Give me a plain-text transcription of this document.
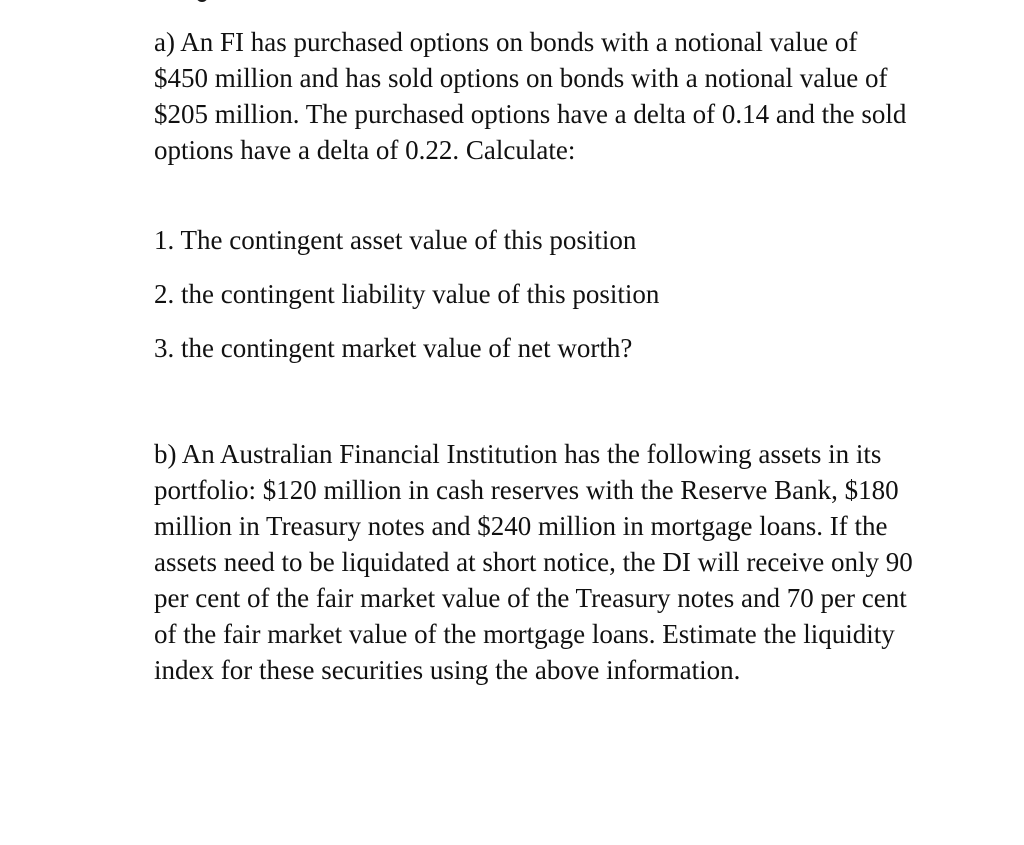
a) An FI has purchased options on bonds with a notional value of $450 million and has sold options on bonds with a notional value of $205 million. The purchased options have a delta of 0.14 and the sold options have a delta of 0.22. Calculate:
1. The contingent asset value of this position
2. the contingent liability value of this position
3. the contingent market value of net worth?
b) An Australian Financial Institution has the following assets in its portfolio: $120 million in cash reserves with the Reserve Bank, $180 million in Treasury notes and $240 million in mortgage loans. If the assets need to be liquidated at short notice, the DI will receive only 90 per cent of the fair market value of the Treasury notes and 70 per cent of the fair market value of the mortgage loans. Estimate the liquidity index for these securities using the above information.
